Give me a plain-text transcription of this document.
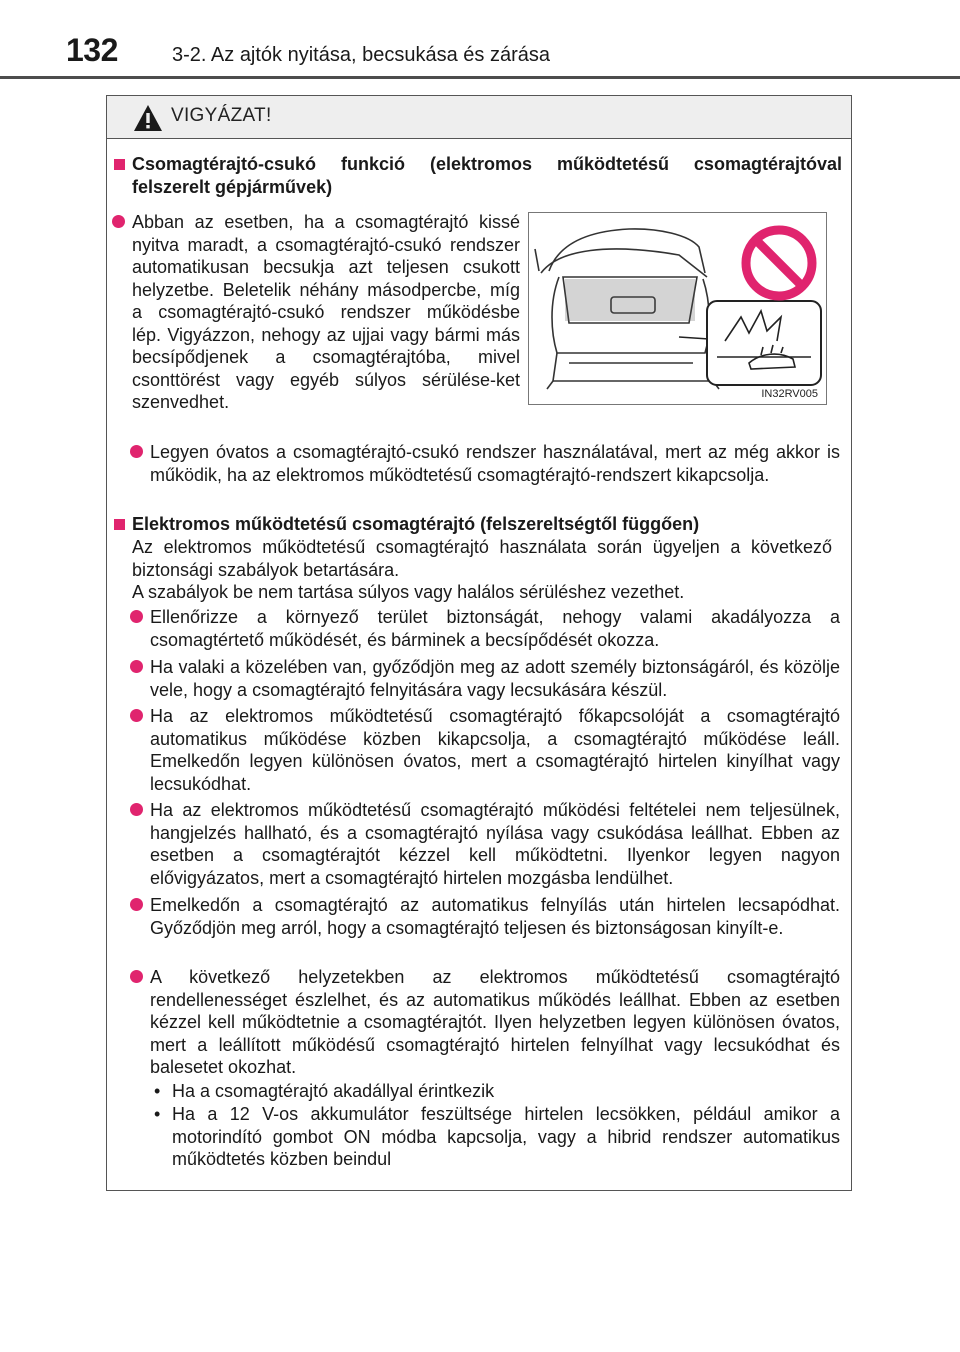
132	3-2. Az ajtók nyitása, becsukása és zárása
VIGYÁZAT!
Csomagtérajtó-csukó funkció (elektromos működtetésű csomagtérajtóval
felszerelt gépjárművek)
Abban az esetben, ha a csomagtérajtó kissé nyitva maradt, a csomagtérajtó-csukó rendszer automatikusan becsukja azt teljesen csukott helyzetbe. Beletelik néhány másodpercbe, míg a csomagtérajtó-csukó rendszer működésbe lép. Vigyázzon, nehogy az ujjai vagy bármi más becsípődjenek a csomagtérajtóba, mivel csonttörést vagy egyéb súlyos sérülése-ket szenvedhet.	IN32RV005
Legyen óvatos a csomagtérajtó-csukó rendszer használatával, mert az még akkor is működik, ha az elektromos működtetésű csomagtérajtó-rendszert kikapcsolja.
Elektromos működtetésű csomagtérajtó (felszereltségtől függően)
Az elektromos működtetésű csomagtérajtó használata során ügyeljen a következő biztonsági szabályok betartására.
A szabályok be nem tartása súlyos vagy halálos sérüléshez vezethet.
Ellenőrizze a környező terület biztonságát, nehogy valami akadályozza a csomagtértető működését, és bárminek a becsípődését okozza.
Ha valaki a közelében van, győződjön meg az adott személy biztonságáról, és közölje vele, hogy a csomagtérajtó felnyitására vagy lecsukására készül.
Ha az elektromos működtetésű csomagtérajtó főkapcsolóját a csomagtérajtó automatikus működése közben kikapcsolja, a csomagtérajtó működése leáll. Emelkedőn legyen különösen óvatos, mert a csomagtérajtó hirtelen kinyílhat vagy lecsukódhat.
Ha az elektromos működtetésű csomagtérajtó működési feltételei nem teljesülnek, hangjelzés hallható, és a csomagtérajtó nyílása vagy csukódása leállhat. Ebben az esetben a csomagtérajtót kézzel kell működtetni. Ilyenkor legyen nagyon elővigyázatos, mert a csomagtérajtó hirtelen mozgásba lendülhet.
Emelkedőn a csomagtérajtó az automatikus felnyílás után hirtelen lecsapódhat. Győződjön meg arról, hogy a csomagtérajtó teljesen és biztonságosan kinyílt-e.
A következő helyzetekben az elektromos működtetésű csomagtérajtó rendellenességet észlelhet, és az automatikus működés leállhat. Ebben az esetben kézzel kell működtetnie a csomagtérajtót. Ilyen helyzetben legyen különösen óvatos, mert a leállított működésű csomagtérajtó hirtelen felnyílhat vagy lecsukódhat és balesetet okozhat.
• Ha a csomagtérajtó akadállyal érintkezik
• Ha a 12 V-os akkumulátor feszültsége hirtelen lecsökken, például amikor a motorindító gombot ON módba kapcsolja, vagy a hibrid rendszer automatikus működtetés közben beindul
